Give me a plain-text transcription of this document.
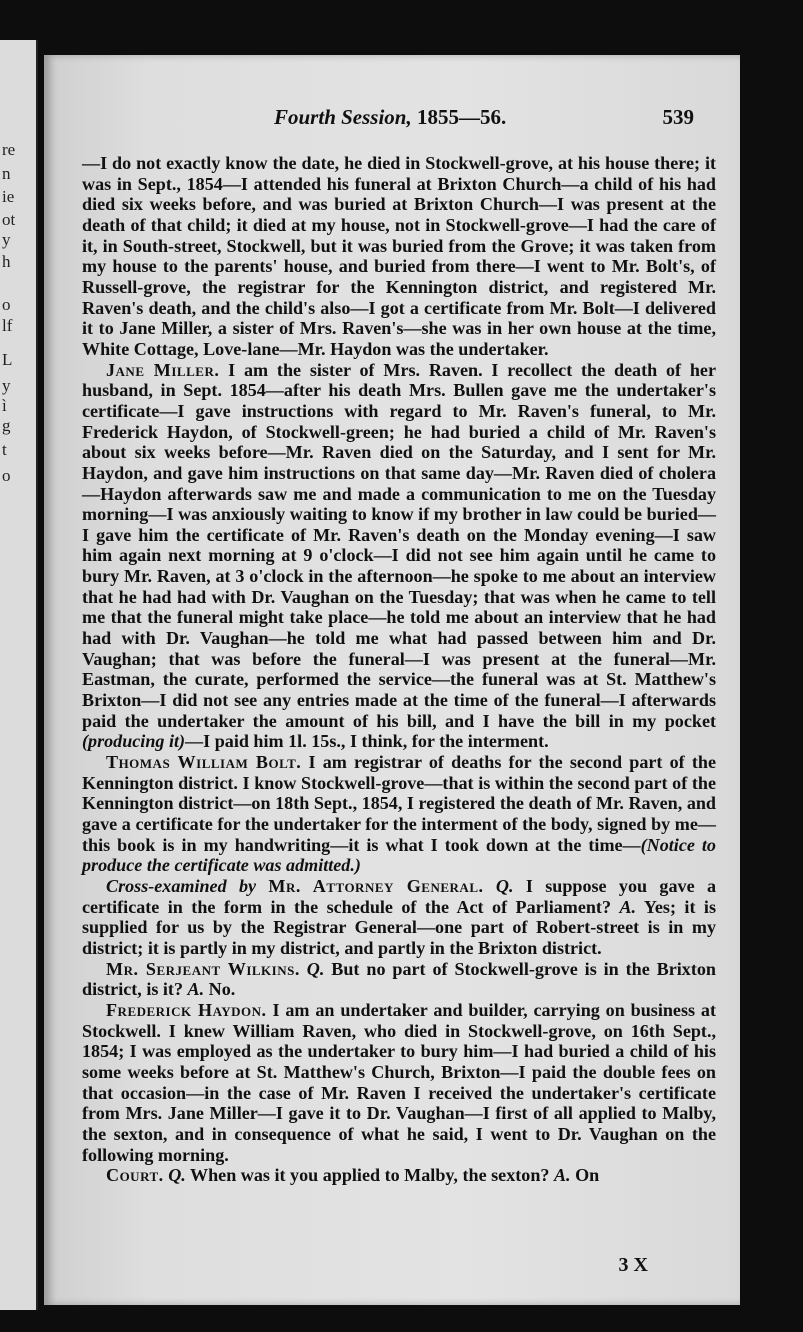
re
n
ie
ot
y
h
o
lf
L
y
ì
g
t
o
Fourth Session, 1855—56.	539

—I do not exactly know the date, he died in Stockwell-grove, at his house there; it was in Sept., 1854—I attended his funeral at Brixton Church—a child of his had died six weeks before, and was buried at Brixton Church—I was present at the death of that child; it died at my house, not in Stockwell-grove—I had the care of it, in South-street, Stockwell, but it was buried from the Grove; it was taken from my house to the parents' house, and buried from there—I went to Mr. Bolt's, of Russell-grove, the registrar for the Kennington district, and registered Mr. Raven's death, and the child's also—I got a certificate from Mr. Bolt—I delivered it to Jane Miller, a sister of Mrs. Raven's—she was in her own house at the time, White Cottage, Love-lane—Mr. Haydon was the undertaker.

Jane Miller. I am the sister of Mrs. Raven. I recollect the death of her husband, in Sept. 1854—after his death Mrs. Bullen gave me the undertaker's certificate—I gave instructions with regard to Mr. Raven's funeral, to Mr. Frederick Haydon, of Stockwell-green; he had buried a child of Mr. Raven's about six weeks before—Mr. Raven died on the Saturday, and I sent for Mr. Haydon, and gave him instructions on that same day—Mr. Raven died of cholera—Haydon afterwards saw me and made a communication to me on the Tuesday morning—I was anxiously waiting to know if my brother in law could be buried—I gave him the certificate of Mr. Raven's death on the Monday evening—I saw him again next morning at 9 o'clock—I did not see him again until he came to bury Mr. Raven, at 3 o'clock in the afternoon—he spoke to me about an interview that he had had with Dr. Vaughan on the Tuesday; that was when he came to tell me that the funeral might take place—he told me about an interview that he had had with Dr. Vaughan—he told me what had passed between him and Dr. Vaughan; that was before the funeral—I was present at the funeral—Mr. Eastman, the curate, performed the service—the funeral was at St. Matthew's Brixton—I did not see any entries made at the time of the funeral—I afterwards paid the undertaker the amount of his bill, and I have the bill in my pocket (producing it)—I paid him 1l. 15s., I think, for the interment.

Thomas William Bolt. I am registrar of deaths for the second part of the Kennington district. I know Stockwell-grove—that is within the second part of the Kennington district—on 18th Sept., 1854, I registered the death of Mr. Raven, and gave a certificate for the undertaker for the interment of the body, signed by me—this book is in my handwriting—it is what I took down at the time—(Notice to produce the certificate was admitted.)

Cross-examined by Mr. Attorney General. Q. I suppose you gave a certificate in the form in the schedule of the Act of Parliament? A. Yes; it is supplied for us by the Registrar General—one part of Robert-street is in my district; it is partly in my district, and partly in the Brixton district.

Mr. Serjeant Wilkins. Q. But no part of Stockwell-grove is in the Brixton district, is it? A. No.

Frederick Haydon. I am an undertaker and builder, carrying on business at Stockwell. I knew William Raven, who died in Stockwell-grove, on 16th Sept., 1854; I was employed as the undertaker to bury him—I had buried a child of his some weeks before at St. Matthew's Church, Brixton—I paid the double fees on that occasion—in the case of Mr. Raven I received the undertaker's certificate from Mrs. Jane Miller—I gave it to Dr. Vaughan—I first of all applied to Malby, the sexton, and in consequence of what he said, I went to Dr. Vaughan on the following morning.

Court. Q. When was it you applied to Malby, the sexton? A. On

3 X
